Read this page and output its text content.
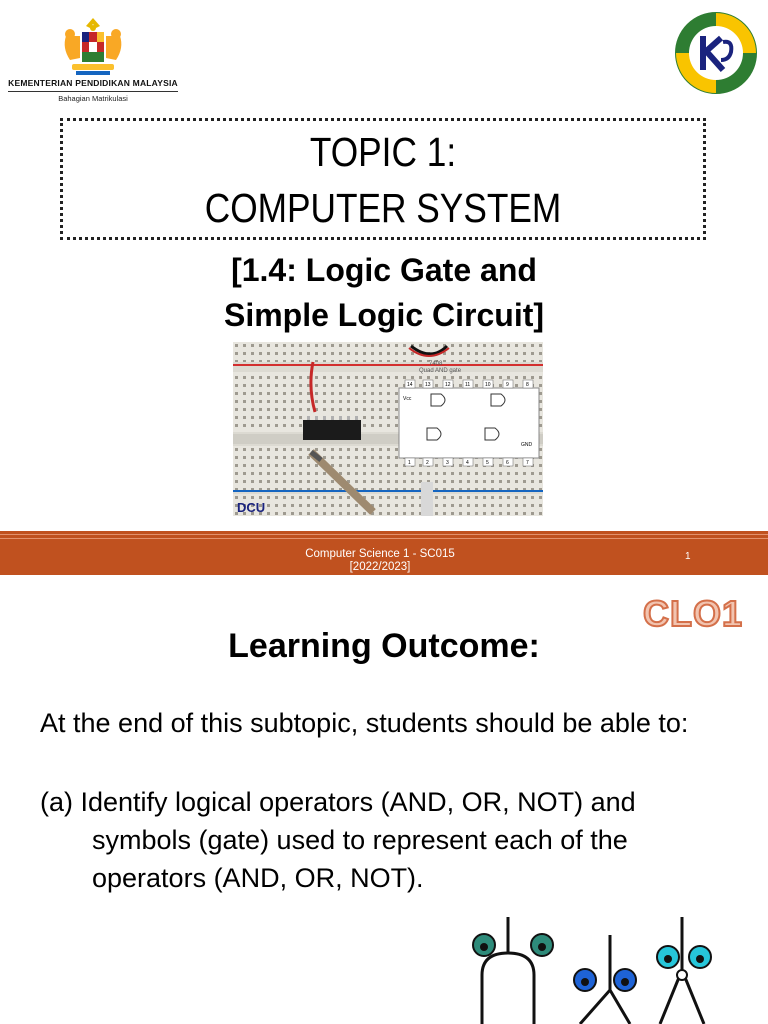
KEMENTERIAN PENDIDIKAN MALAYSIA
Bahagian Matrikulasi
TOPIC 1:
COMPUTER SYSTEM
[1.4: Logic Gate and
Simple Logic Circuit]
DCU
7408
Quad AND gate
14 13	12	11	10	9	8
1	2	3	4	5	6	7
Vcc
GND
Computer Science 1 - SC015
[2022/2023]
1
CLO1
Learning Outcome:
At the end of this subtopic, students should be able to:
(a) Identify logical operators (AND, OR, NOT) and
symbols (gate) used to represent each of the
operators (AND, OR, NOT).
